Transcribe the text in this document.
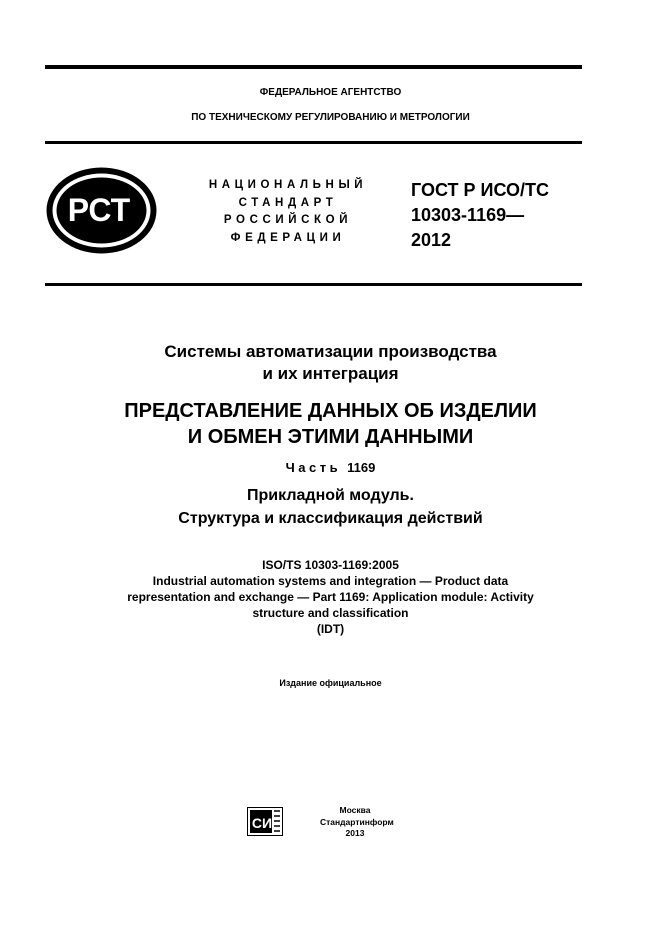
ФЕДЕРАЛЬНОЕ АГЕНТСТВО
ПО ТЕХНИЧЕСКОМУ РЕГУЛИРОВАНИЮ И МЕТРОЛОГИИ
РСТ
НАЦИОНАЛЬНЫЙ
СТАНДАРТ
РОССИЙСКОЙ
ФЕДЕРАЦИИ
ГОСТ Р ИСО/ТС
10303-1169—
2012
Системы автоматизации производства
и их интеграция
ПРЕДСТАВЛЕНИЕ ДАННЫХ ОБ ИЗДЕЛИИ
И ОБМЕН ЭТИМИ ДАННЫМИ
Часть 1169
Прикладной модуль.
Структура и классификация действий
ISO/TS 10303-1169:2005
Industrial automation systems and integration — Product data
representation and exchange — Part 1169: Application module: Activity
structure and classification
(IDT)
Издание официальное
СИ
Москва
Стандартинформ
2013
